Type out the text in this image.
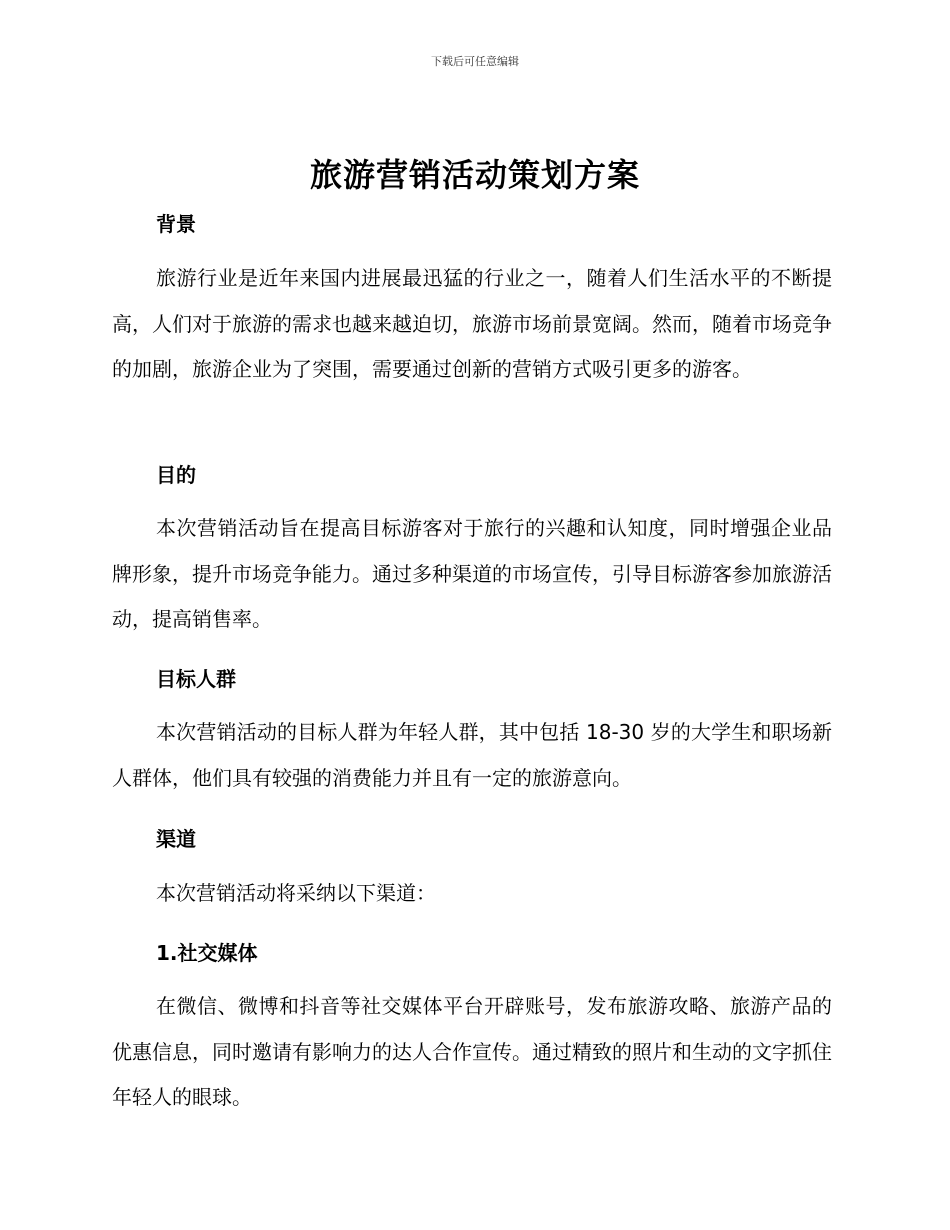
下载后可任意编辑
旅游营销活动策划方案
背景

旅游行业是近年来国内进展最迅猛的行业之一，随着人们生活水平的不断提高，人们对于旅游的需求也越来越迫切，旅游市场前景宽阔。然而，随着市场竞争的加剧，旅游企业为了突围，需要通过创新的营销方式吸引更多的游客。

目的

本次营销活动旨在提高目标游客对于旅行的兴趣和认知度，同时增强企业品牌形象，提升市场竞争能力。通过多种渠道的市场宣传，引导目标游客参加旅游活动，提高销售率。

目标人群

本次营销活动的目标人群为年轻人群，其中包括 18-30 岁的大学生和职场新人群体，他们具有较强的消费能力并且有一定的旅游意向。

渠道

本次营销活动将采纳以下渠道：

1.社交媒体

在微信、微博和抖音等社交媒体平台开辟账号，发布旅游攻略、旅游产品的优惠信息，同时邀请有影响力的达人合作宣传。通过精致的照片和生动的文字抓住年轻人的眼球。
